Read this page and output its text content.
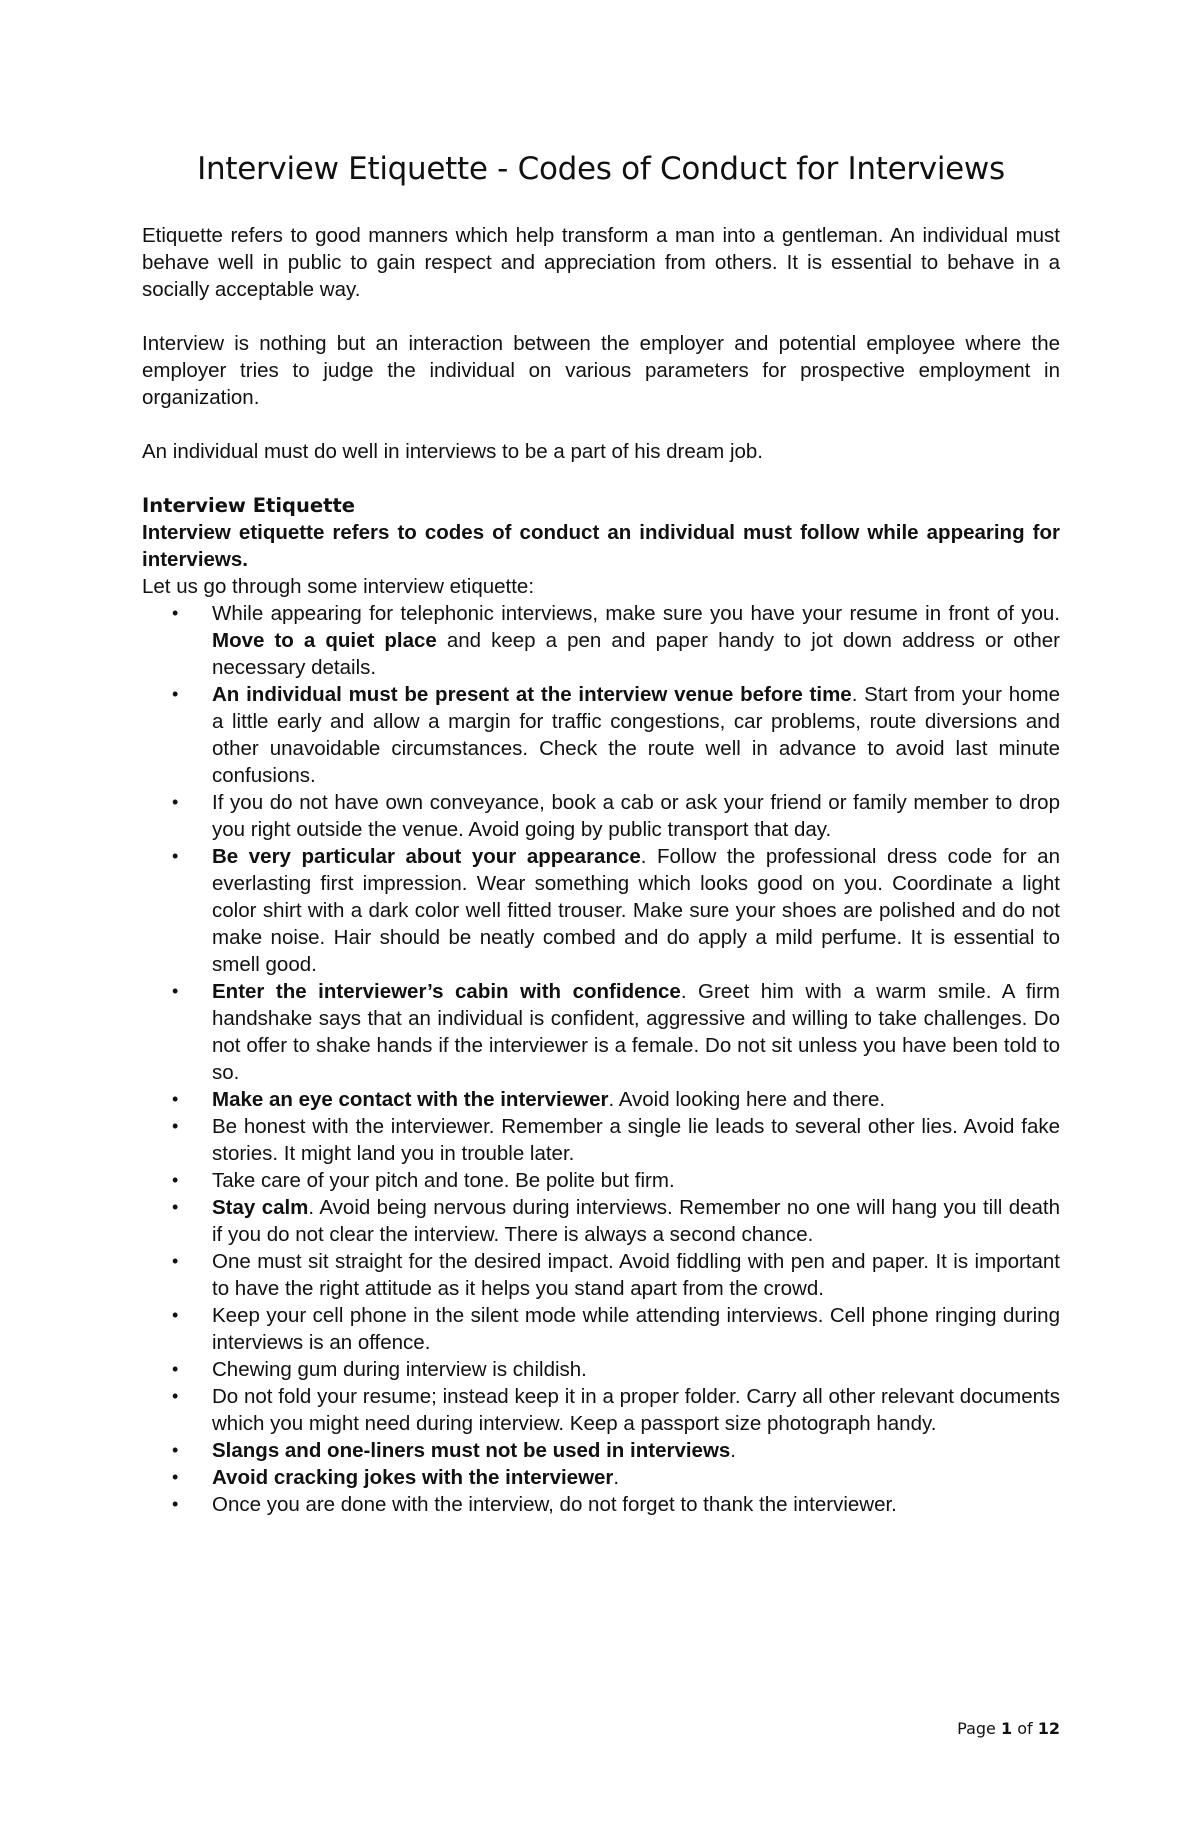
Interview Etiquette - Codes of Conduct for Interviews

Etiquette refers to good manners which help transform a man into a gentleman. An individual must behave well in public to gain respect and appreciation from others. It is essential to behave in a socially acceptable way.

Interview is nothing but an interaction between the employer and potential employee where the employer tries to judge the individual on various parameters for prospective employment in organization.

An individual must do well in interviews to be a part of his dream job.

Interview Etiquette
Interview etiquette refers to codes of conduct an individual must follow while appearing for interviews.
Let us go through some interview etiquette:
• While appearing for telephonic interviews, make sure you have your resume in front of you. Move to a quiet place and keep a pen and paper handy to jot down address or other necessary details.
• An individual must be present at the interview venue before time. Start from your home a little early and allow a margin for traffic congestions, car problems, route diversions and other unavoidable circumstances. Check the route well in advance to avoid last minute confusions.
• If you do not have own conveyance, book a cab or ask your friend or family member to drop you right outside the venue. Avoid going by public transport that day.
• Be very particular about your appearance. Follow the professional dress code for an everlasting first impression. Wear something which looks good on you. Coordinate a light color shirt with a dark color well fitted trouser. Make sure your shoes are polished and do not make noise. Hair should be neatly combed and do apply a mild perfume. It is essential to smell good.
• Enter the interviewer’s cabin with confidence. Greet him with a warm smile. A firm handshake says that an individual is confident, aggressive and willing to take challenges. Do not offer to shake hands if the interviewer is a female. Do not sit unless you have been told to so.
• Make an eye contact with the interviewer. Avoid looking here and there.
• Be honest with the interviewer. Remember a single lie leads to several other lies. Avoid fake stories. It might land you in trouble later.
• Take care of your pitch and tone. Be polite but firm.
• Stay calm. Avoid being nervous during interviews. Remember no one will hang you till death if you do not clear the interview. There is always a second chance.
• One must sit straight for the desired impact. Avoid fiddling with pen and paper. It is important to have the right attitude as it helps you stand apart from the crowd.
• Keep your cell phone in the silent mode while attending interviews. Cell phone ringing during interviews is an offence.
• Chewing gum during interview is childish.
• Do not fold your resume; instead keep it in a proper folder. Carry all other relevant documents which you might need during interview. Keep a passport size photograph handy.
• Slangs and one-liners must not be used in interviews.
• Avoid cracking jokes with the interviewer.
• Once you are done with the interview, do not forget to thank the interviewer.
Page 1 of 12
